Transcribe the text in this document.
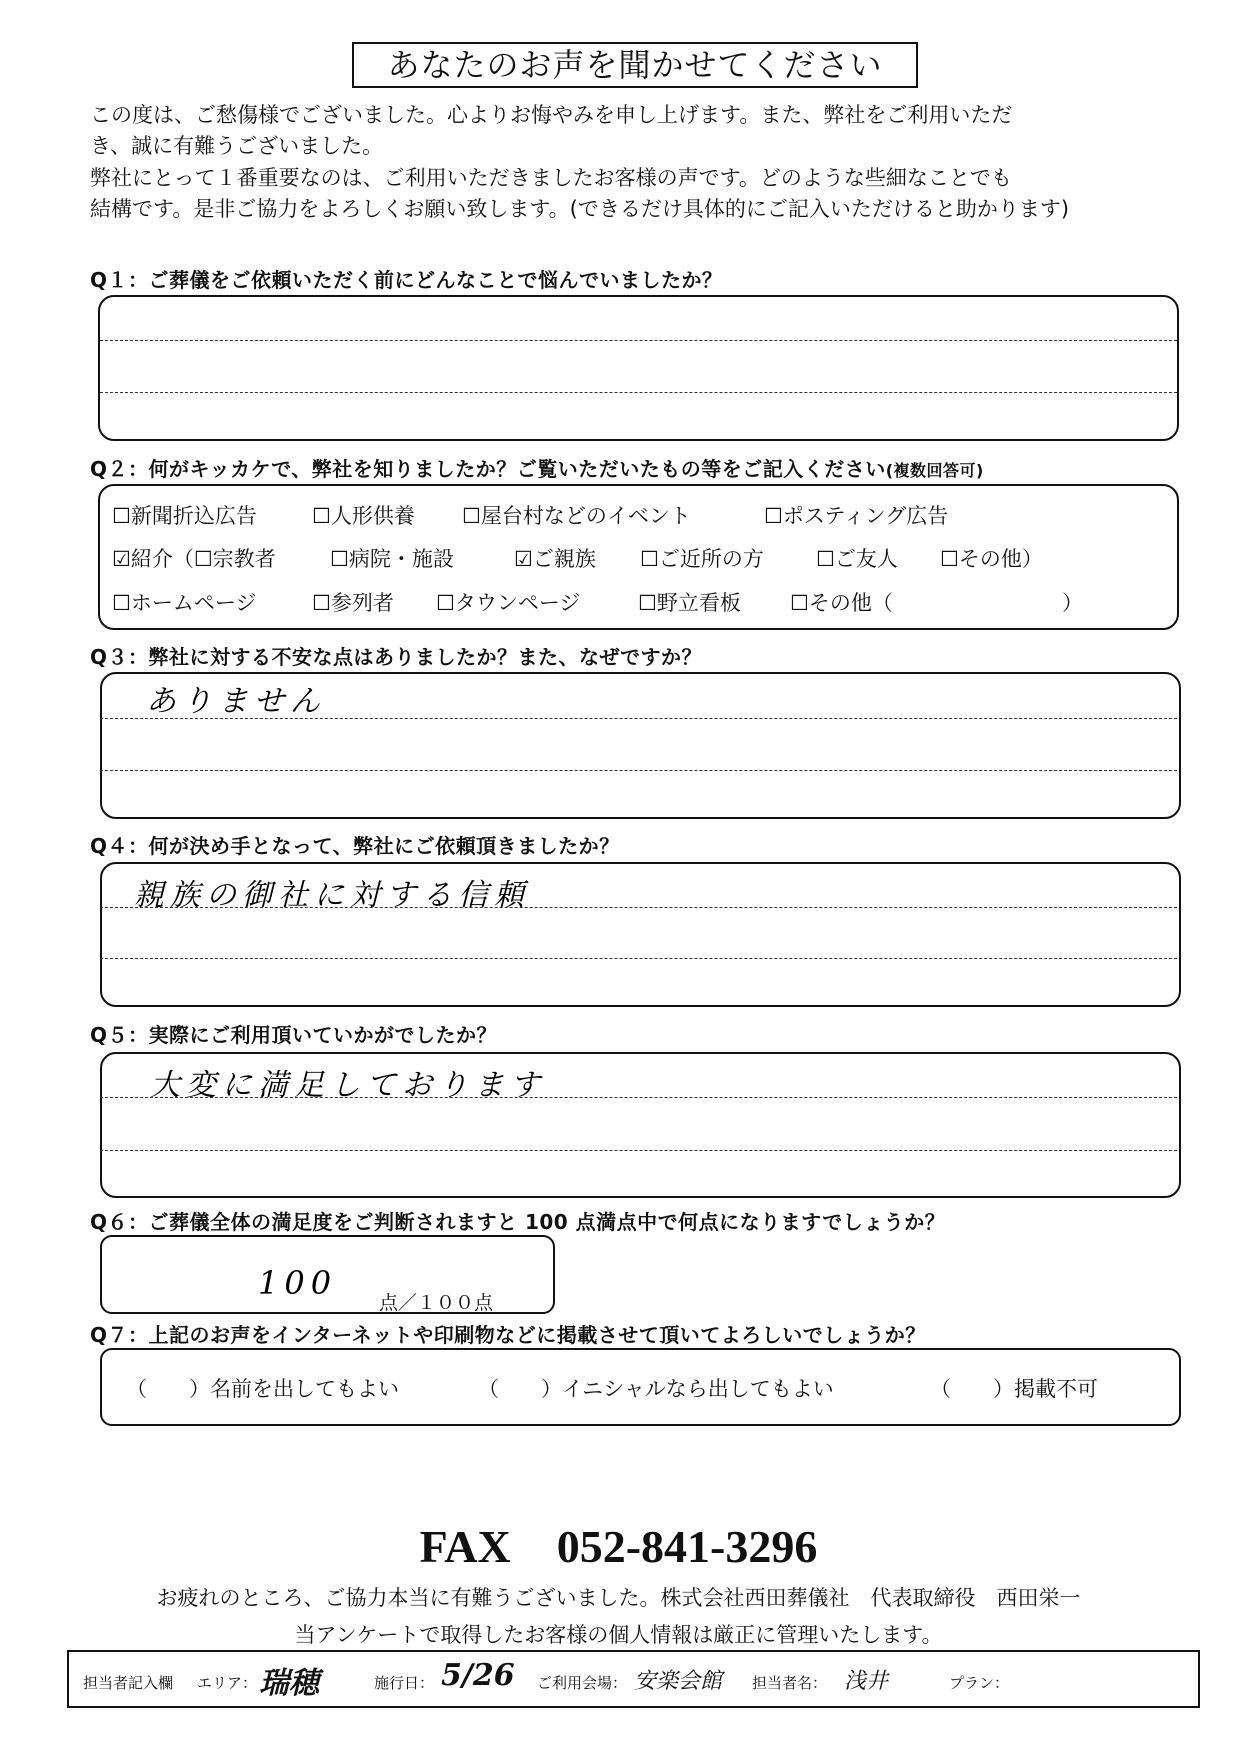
あなたのお声を聞かせてください
この度は、ご愁傷様でございました。心よりお悔やみを申し上げます。また、弊社をご利用いただ
き、誠に有難うございました。
弊社にとって１番重要なのは、ご利用いただきましたお客様の声です。どのような些細なことでも
結構です。是非ご協力をよろしくお願い致します。(できるだけ具体的にご記入いただけると助かります)
Q１：ご葬儀をご依頼いただく前にどんなことで悩んでいましたか？
Q２：何がキッカケで、弊社を知りましたか？ご覧いただいたもの等をご記入ください(複数回答可)
☐新聞折込広告	☐人形供養 ☐屋台村などのイベント	☐ポスティング広告
☑紹介（☐宗教者	☐病院・施設	☑ご親族 ☐ご近所の方 ☐ご友人 ☐その他）
☐ホームページ	☐参列者 ☐タウンページ	☐野立看板 ☐その他（	）
Q３：弊社に対する不安な点はありましたか？また、なぜですか？
ありません
Q４：何が決め手となって、弊社にご依頼頂きましたか？
親族の御社に対する信頼
Q５：実際にご利用頂いていかがでしたか？
大変に満足しております
Q６：ご葬儀全体の満足度をご判断されますと 100 点満点中で何点になりますでしょうか？
100
点／１００点
Q７：上記のお声をインターネットや印刷物などに掲載させて頂いてよろしいでしょうか？
（　　）名前を出してもよい	（　　）イニシャルなら出してもよい	（　　）掲載不可
FAX　052-841-3296
お疲れのところ、ご協力本当に有難うございました。株式会社西田葬儀社　代表取締役　西田栄一
当アンケートで取得したお客様の個人情報は厳正に管理いたします。
担当者記入欄 エリア： 瑞穂	施行日： 5/26 ご利用会場： 安楽会館 担当者名： 浅井	プラン：
